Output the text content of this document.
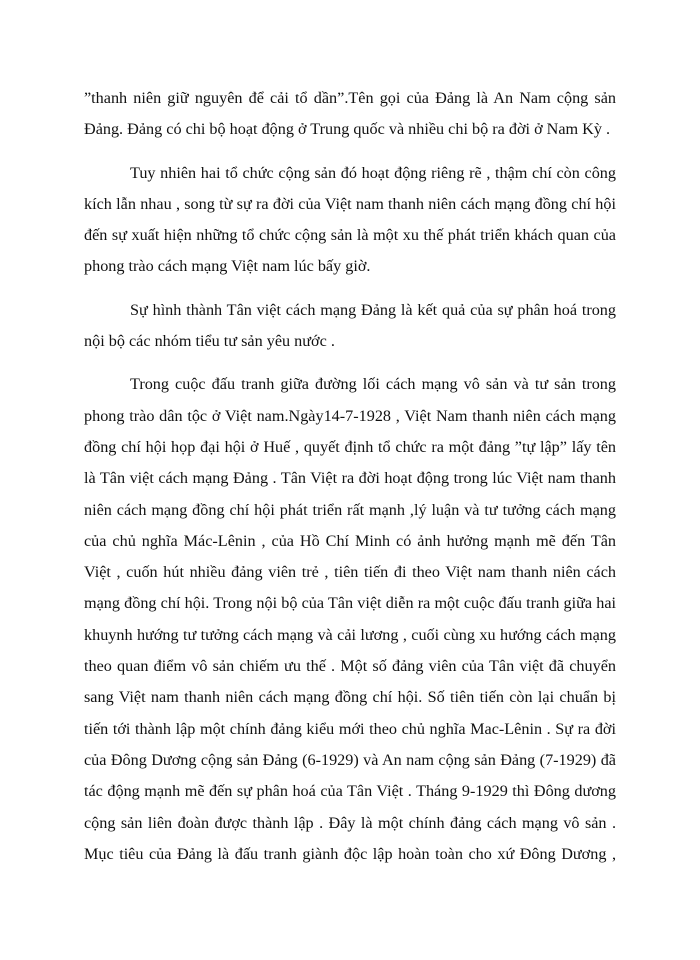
”thanh niên giữ nguyên để cải tổ dần”.Tên gọi của Đảng là An Nam cộng sản
Đảng. Đảng có chi bộ hoạt động ở Trung quốc và nhiều chi bộ ra đời ở Nam Kỳ .
Tuy nhiên hai tổ chức cộng sản đó hoạt động riêng rẽ , thậm chí còn công
kích lẫn nhau , song từ sự ra đời của Việt nam thanh niên cách mạng đồng chí hội
đến sự xuất hiện những tổ chức cộng sản là một xu thế phát triển khách quan của
phong trào cách mạng Việt nam lúc bấy giờ.
Sự hình thành Tân việt cách mạng Đảng là kết quả của sự phân hoá trong
nội bộ các nhóm tiểu tư sản yêu nước .
Trong cuộc đấu tranh giữa đường lối cách mạng vô sản và tư sản trong
phong trào dân tộc ở Việt nam.Ngày14-7-1928 , Việt Nam thanh niên cách mạng
đồng chí hội họp đại hội ở Huế , quyết định tổ chức ra một đảng ”tự lập” lấy tên
là Tân việt cách mạng Đảng . Tân Việt ra đời hoạt động trong lúc Việt nam thanh
niên cách mạng đồng chí hội phát triển rất mạnh ,lý luận và tư tưởng cách mạng
của chủ nghĩa Mác-Lênin , của Hồ Chí Minh có ảnh hưởng mạnh mẽ đến Tân
Việt , cuốn hút nhiều đảng viên trẻ , tiên tiến đi theo Việt nam thanh niên cách
mạng đồng chí hội. Trong nội bộ của Tân việt diễn ra một cuộc đấu tranh giữa hai
khuynh hướng tư tưởng cách mạng và cải lương , cuối cùng xu hướng cách mạng
theo quan điểm vô sản chiếm ưu thế . Một số đảng viên của Tân việt đã chuyển
sang Việt nam thanh niên cách mạng đồng chí hội. Số tiên tiến còn lại chuẩn bị
tiến tới thành lập một chính đảng kiểu mới theo chủ nghĩa Mac-Lênin . Sự ra đời
của Đông Dương cộng sản Đảng (6-1929) và An nam cộng sản Đảng (7-1929) đã
tác động mạnh mẽ đến sự phân hoá của Tân Việt . Tháng 9-1929 thì Đông dương
cộng sản liên đoàn được thành lập . Đây là một chính đảng cách mạng vô sản .
Mục tiêu của Đảng là đấu tranh giành độc lập hoàn toàn cho xứ Đông Dương ,
